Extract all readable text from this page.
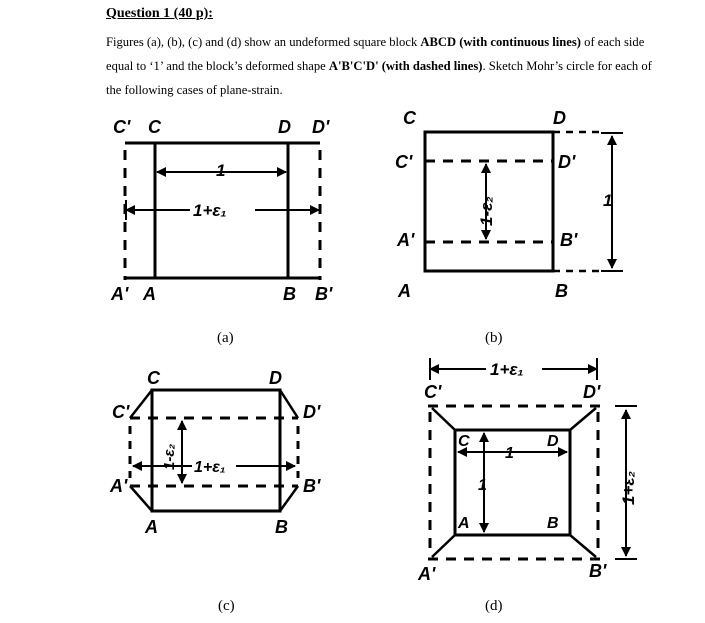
Question 1 (40 p):
Figures (a), (b), (c) and (d) show an undeformed square block ABCD (with continuous lines) of each side equal to ‘1’ and the block’s deformed shape A'B'C'D' (with dashed lines). Sketch Mohr’s circle for each of the following cases of plane-strain.
C' C	D D'
A' A	B B'
1
1+ε₁
C
C'
D
D'
A'
A	B
B'
1
1-ε₂
C
C'
D
D'
A'
A	B
B'
1-ε₂ 1+ε₁
C'
C	D
D'
A
A'
B
B'
1+ε₁
1+ε₂
1
1
(a)	(b)
(c)	(d)
